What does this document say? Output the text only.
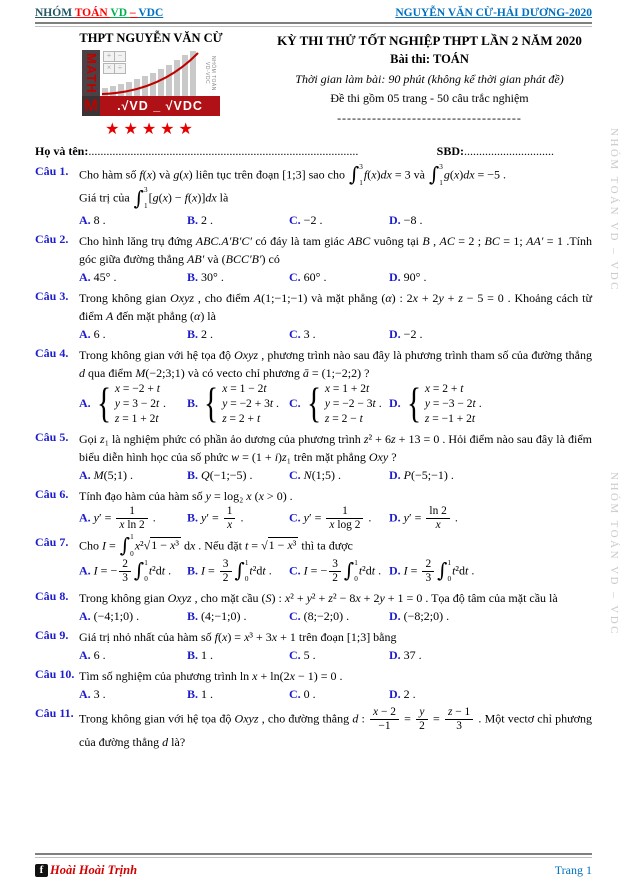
NHÓM TOÁN VD – VDC	NGUYỄN VĂN CỪ-HẢI DƯƠNG-2020
THPT NGUYỄN VĂN CỪ
MATH + −
× ÷	NHÓM TOÁN VD-VDC
M	.√VD _ √VDC
★★★★★
KỲ THI THỬ TỐT NGHIỆP THPT LẦN 2 NĂM 2020
Bài thi: TOÁN
Thời gian làm bài: 90 phút (không kể thời gian phát đề)
Đề thi gồm 05 trang - 50 câu trắc nghiệm
-------------------------------------
Họ và tên: ..........................................................................................	SBD: ..............................
Câu 1. Cho hàm số f(x) và g(x) liên tục trên đoạn [1;3] sao cho ∫ 3
1
f(x)dx = 3 và ∫ 3
1
g(x)dx = −5 .
Giá trị của ∫ 3
1
[g(x) − f(x)]dx là
A. 8 .	B. 2 .	C. −2 .	D. −8 .
Câu 2. Cho hình lăng trụ đứng ABC.A′B′C′ có đáy là tam giác ABC vuông tại B , AC = 2 ; BC = 1; AA′ = 1 .Tính góc giữa đường thẳng AB′ và (BCC′B′) có
A. 45° .	B. 30° .	C. 60° .	D. 90° .
Câu 3. Trong không gian Oxyz , cho điểm A(1;−1;−1) và mặt phẳng (α) : 2x + 2y + z − 5 = 0 . Khoảng cách từ điểm A đến mặt phẳng (α) là
A. 6 .	B. 2 .	C. 3 .	D. −2 .
Câu 4. Trong không gian với hệ tọa độ Oxyz , phương trình nào sau đây là phương trình tham số của đường thẳng d qua điểm M(−2;3;1) và có vecto chỉ phương ā = (1;−2;2) ?
A. { x = −2 + t
y = 3 − 2t
z = 1 + 2t
.	B. { x = 1 − 2t
y = −2 + 3t
z = 2 + t
. C. { x = 1 + 2t
y = −2 − 3t
z = 2 − t
. D. { x = 2 + t
y = −3 − 2t
z = −1 + 2t
.
Câu 5. Gọi z₁ là nghiệm phức có phần ảo dương của phương trình z² + 6z + 13 = 0 . Hỏi điểm nào sau đây là điểm biểu diễn hình học của số phức w = (1 + i)z₁ trên mặt phẳng Oxy ?
A. M(5;1) .	B. Q(−1;−5) .	C. N(1;5) .	D. P(−5;−1) .
Câu 6. Tính đạo hàm của hàm số y = log₂ x (x > 0) .
A. $y' = \frac{1}{\text{x ln 2}}$ .	B. $y' = \frac{1}{x}$ .	C. $y' = \frac{1}{\text{x log 2}}$ .	D. $y' = \frac{\ln 2}{x}$ .
Câu 7. Cho I = ∫ 1
0
x²√1 − x³ dx . Nếu đặt t = √1 − x³ thì ta được
A. I = − $\frac{2}{3}$ ∫ 1
0
t²dt .	B. $I = \frac{3}{2}$ ∫ 1
0
t²dt .	C. I = − $\frac{3}{2}$ ∫ 1
0
t²dt . D. $I = \frac{2}{3}$ ∫ 1
0
t²dt .
Câu 8. Trong không gian Oxyz , cho mặt cầu (S) : x² + y² + z² − 8x + 2y + 1 = 0 . Tọa độ tâm của mặt cầu là
A. (−4;1;0) .	B. (4;−1;0) .	C. (8;−2;0) .	D. (−8;2;0) .
Câu 9. Giá trị nhỏ nhất của hàm số f(x) = x³ + 3x + 1 trên đoạn [1;3] bằng
A. 6 .	B. 1 .	C. 5 .	D. 37 .
Câu 10. Tìm số nghiệm của phương trình ln x + ln(2x − 1) = 0 .
A. 3 .	B. 1 .	C. 0 .	D. 2 .
Câu 11. Trong không gian với hệ tọa độ Oxyz , cho đường thẳng d : $\frac{x - 2}{-1} = \frac{y}{2} = \frac{z - 1}{3}$ . Một vectơ chỉ phương của đường thẳng d là?
NHÓM TOÁN VD – VDC
NHÓM TOÁN VD – VDC
f Hoài Hoài Trịnh	Trang 1
